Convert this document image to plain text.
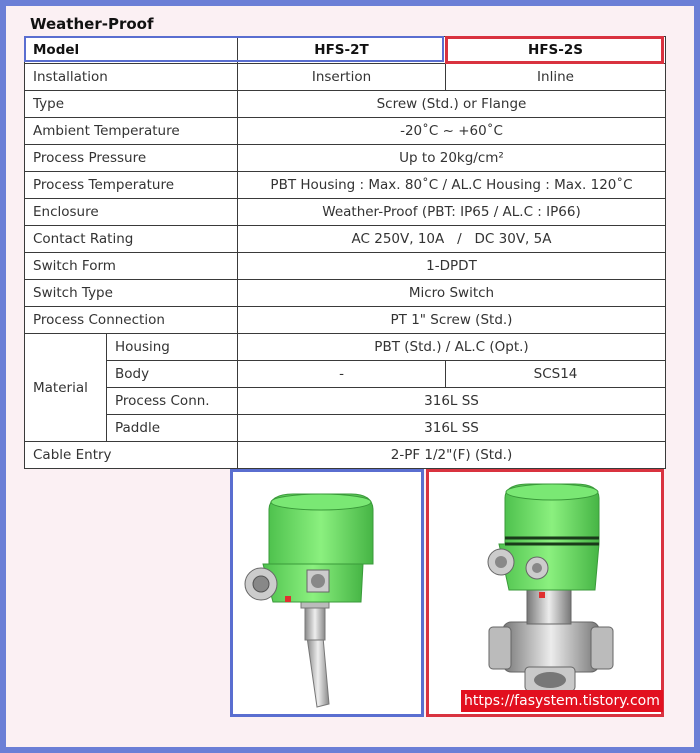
Weather-Proof
Model		HFS-2T	HFS-2S
Installation		Insertion	Inline
Type		Screw (Std.) or Flange	
Ambient Temperature		-20˚C ~ +60˚C	
Process Pressure		Up to 20kg/cm²	
Process Temperature		PBT Housing : Max. 80˚C / AL.C Housing : Max. 120˚C	
Enclosure		Weather-Proof (PBT: IP65 / AL.C : IP66)	
Contact Rating		AC 250V, 10A   /   DC 30V, 5A	
Switch Form		1-DPDT	
Switch Type		Micro Switch	
Process Connection		PT 1" Screw (Std.)	
Material	Housing	PBT (Std.) / AL.C (Opt.)	
	Body	-	SCS14
	Process Conn.	316L SS	
	Paddle	316L SS	
Cable Entry		2-PF 1/2"(F) (Std.)	
https://fasystem.tistory.com
